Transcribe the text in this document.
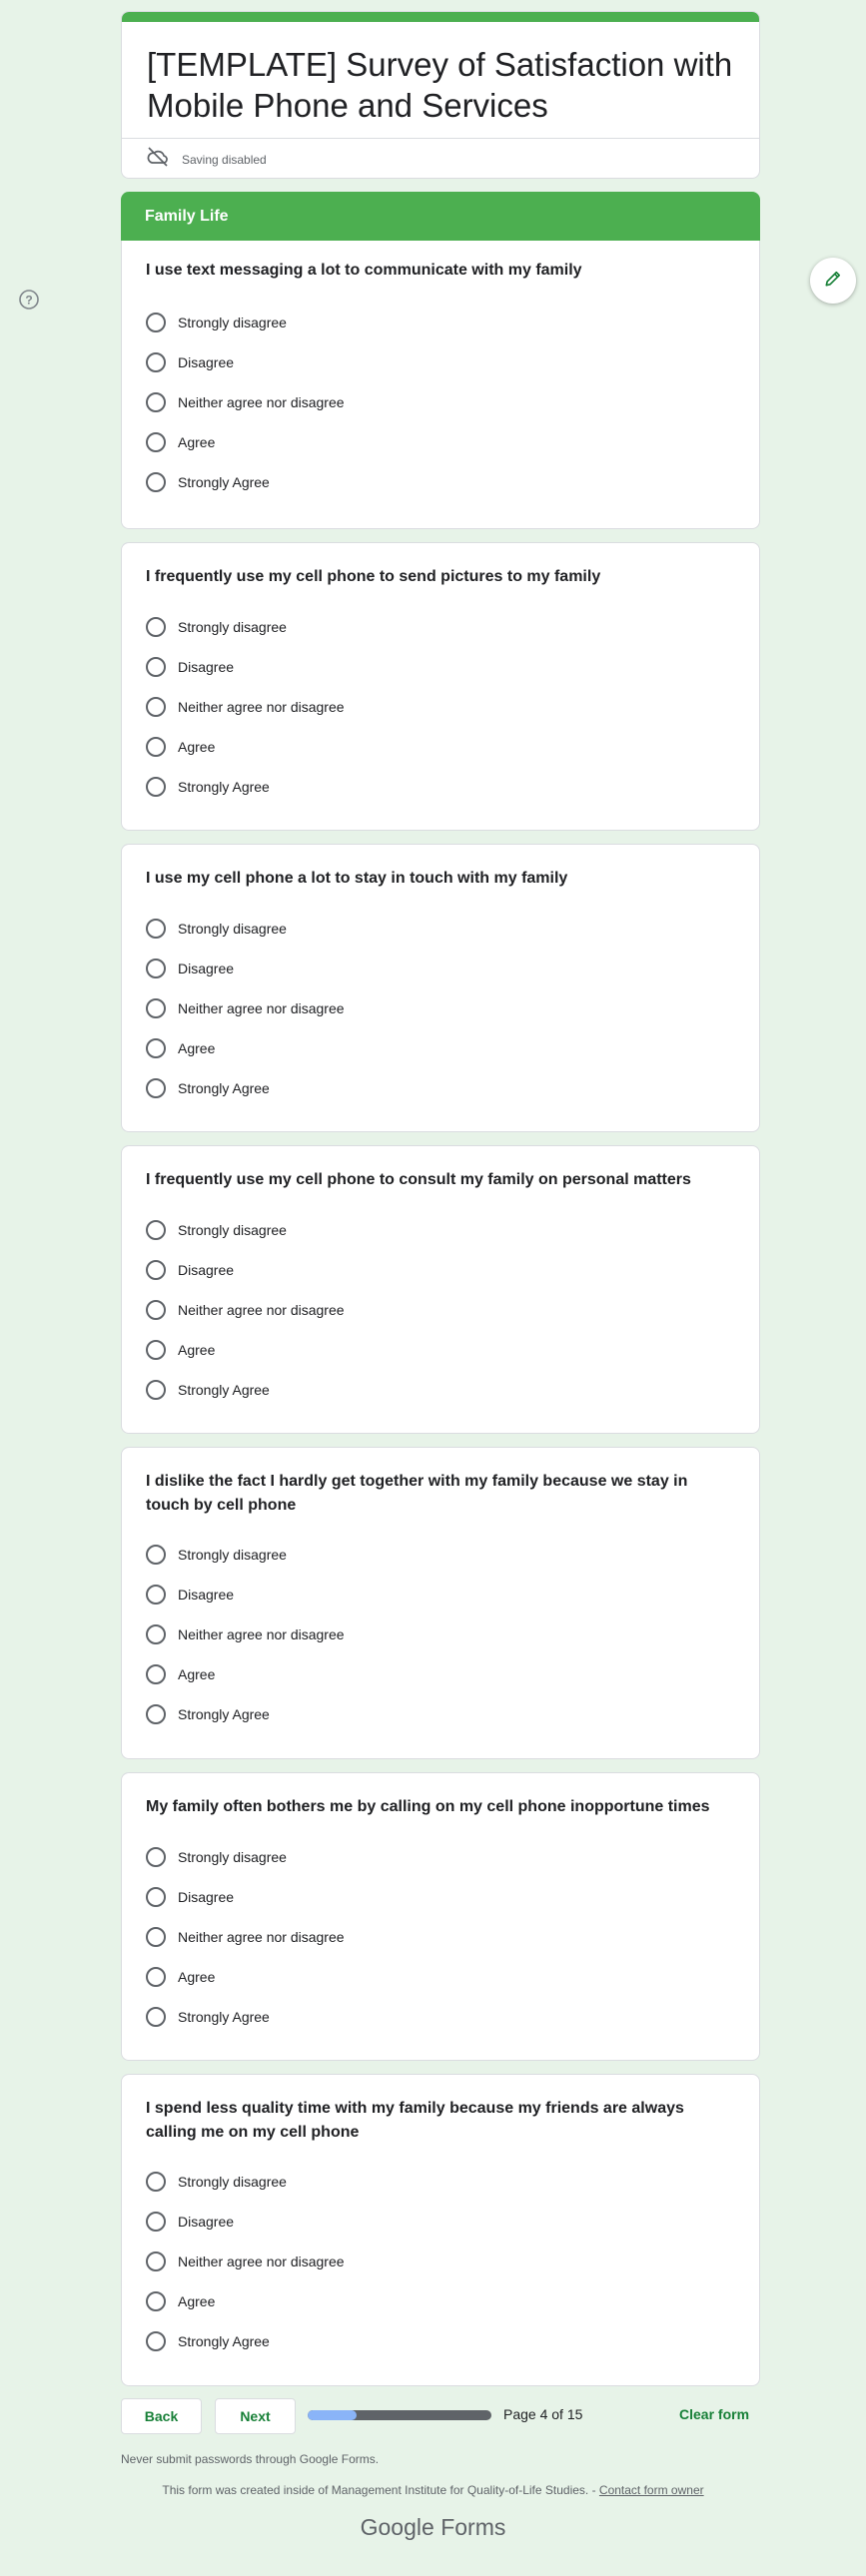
[TEMPLATE] Survey of Satisfaction with Mobile Phone and Services
Saving disabled
?
Family Life
I use text messaging a lot to communicate with my family
Strongly disagree
Disagree
Neither agree nor disagree
Agree
Strongly Agree
I frequently use my cell phone to send pictures to my family
Strongly disagree
Disagree
Neither agree nor disagree
Agree
Strongly Agree
I use my cell phone a lot to stay in touch with my family
Strongly disagree
Disagree
Neither agree nor disagree
Agree
Strongly Agree
I frequently use my cell phone to consult my family on personal matters
Strongly disagree
Disagree
Neither agree nor disagree
Agree
Strongly Agree
I dislike the fact I hardly get together with my family because we stay in touch by cell phone
Strongly disagree
Disagree
Neither agree nor disagree
Agree
Strongly Agree
My family often bothers me by calling on my cell phone inopportune times
Strongly disagree
Disagree
Neither agree nor disagree
Agree
Strongly Agree
I spend less quality time with my family because my friends are always calling me on my cell phone
Strongly disagree
Disagree
Neither agree nor disagree
Agree
Strongly Agree
Back	Next	Page 4 of 15	Clear form
Never submit passwords through Google Forms.
This form was created inside of Management Institute for Quality-of-Life Studies. - Contact form owner
Google Forms
